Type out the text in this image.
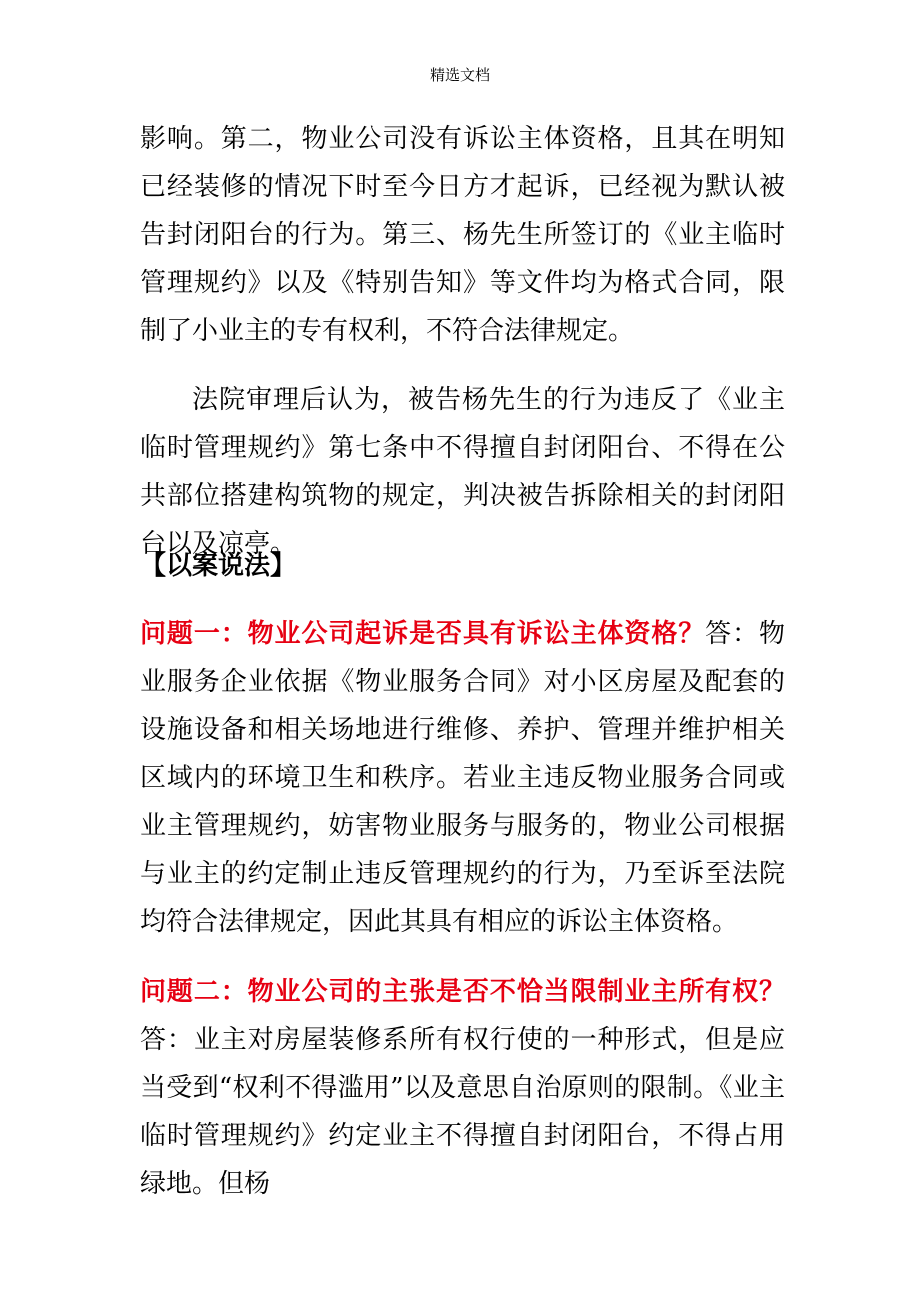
精选文档

影响。第二，物业公司没有诉讼主体资格，且其在明知已经装修的情况下时至今日方才起诉，已经视为默认被告封闭阳台的行为。第三、杨先生所签订的《业主临时管理规约》以及《特别告知》等文件均为格式合同，限制了小业主的专有权利，不符合法律规定。

法院审理后认为，被告杨先生的行为违反了《业主临时管理规约》第七条中不得擅自封闭阳台、不得在公共部位搭建构筑物的规定，判决被告拆除相关的封闭阳台以及凉亭。

【以案说法】

问题一：物业公司起诉是否具有诉讼主体资格？答：物业服务企业依据《物业服务合同》对小区房屋及配套的设施设备和相关场地进行维修、养护、管理并维护相关区域内的环境卫生和秩序。若业主违反物业服务合同或业主管理规约，妨害物业服务与服务的，物业公司根据与业主的约定制止违反管理规约的行为，乃至诉至法院均符合法律规定，因此其具有相应的诉讼主体资格。

问题二：物业公司的主张是否不恰当限制业主所有权？答：业主对房屋装修系所有权行使的一种形式，但是应当受到“权利不得滥用”以及意思自治原则的限制。《业主临时管理规约》约定业主不得擅自封闭阳台，不得占用绿地。但杨
